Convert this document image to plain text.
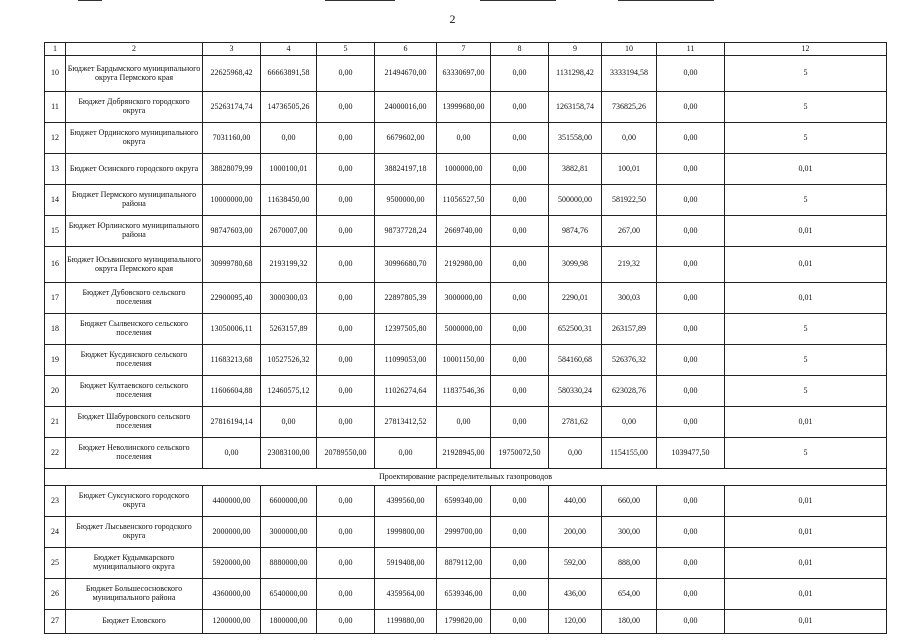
2
1	2	3	4	5	6	7	8	9	10	11	12
10	Бюджет Бардымского муниципального округа Пермского края	22625968,42	66663891,58	0,00	21494670,00	63330697,00	0,00	1131298,42	3333194,58	0,00	5
11	Бюджет Добрянского городского округа	25263174,74	14736505,26	0,00	24000016,00	13999680,00	0,00	1263158,74	736825,26	0,00	5
12	Бюджет Ординского муниципального округа	7031160,00	0,00	0,00	6679602,00	0,00	0,00	351558,00	0,00	0,00	5
13	Бюджет Осинского городского округа	38828079,99	1000100,01	0,00	38824197,18	1000000,00	0,00	3882,81	100,01	0,00	0,01
14	Бюджет Пермского муниципального района	10000000,00	11638450,00	0,00	9500000,00	11056527,50	0,00	500000,00	581922,50	0,00	5
15	Бюджет Юрлинского муниципального района	98747603,00	2670007,00	0,00	98737728,24	2669740,00	0,00	9874,76	267,00	0,00	0,01
16	Бюджет Юсьвинского муниципального округа Пермского края	30999780,68	2193199,32	0,00	30996680,70	2192980,00	0,00	3099,98	219,32	0,00	0,01
17	Бюджет Дубовского сельского поселения	22900095,40	3000300,03	0,00	22897805,39	3000000,00	0,00	2290,01	300,03	0,00	0,01
18	Бюджет Сылвенского сельского поселения	13050006,11	5263157,89	0,00	12397505,80	5000000,00	0,00	652500,31	263157,89	0,00	5
19	Бюджет Кусдинского сельского поселения	11683213,68	10527526,32	0,00	11099053,00	10001150,00	0,00	584160,68	526376,32	0,00	5
20	Бюджет Култаевского сельского поселения	11606604,88	12460575,12	0,00	11026274,64	11837546,36	0,00	580330,24	623028,76	0,00	5
21	Бюджет Шабуровского сельского поселения	27816194,14	0,00	0,00	27813412,52	0,00	0,00	2781,62	0,00	0,00	0,01
22	Бюджет Неволинского сельского поселения	0,00	23083100,00	20789550,00	0,00	21928945,00	19750072,50	0,00	1154155,00	1039477,50	5
Проектирование распределительных газопроводов											
23	Бюджет Суксунского городского округа	4400000,00	6600000,00	0,00	4399560,00	6599340,00	0,00	440,00	660,00	0,00	0,01
24	Бюджет Лысьвенского городского округа	2000000,00	3000000,00	0,00	1999800,00	2999700,00	0,00	200,00	300,00	0,00	0,01
25	Бюджет Кудымкарского муниципального округа	5920000,00	8880000,00	0,00	5919408,00	8879112,00	0,00	592,00	888,00	0,00	0,01
26	Бюджет Большесосновского муниципального района	4360000,00	6540000,00	0,00	4359564,00	6539346,00	0,00	436,00	654,00	0,00	0,01
27	Бюджет Еловского	1200000,00	1800000,00	0,00	1199880,00	1799820,00	0,00	120,00	180,00	0,00	0,01
